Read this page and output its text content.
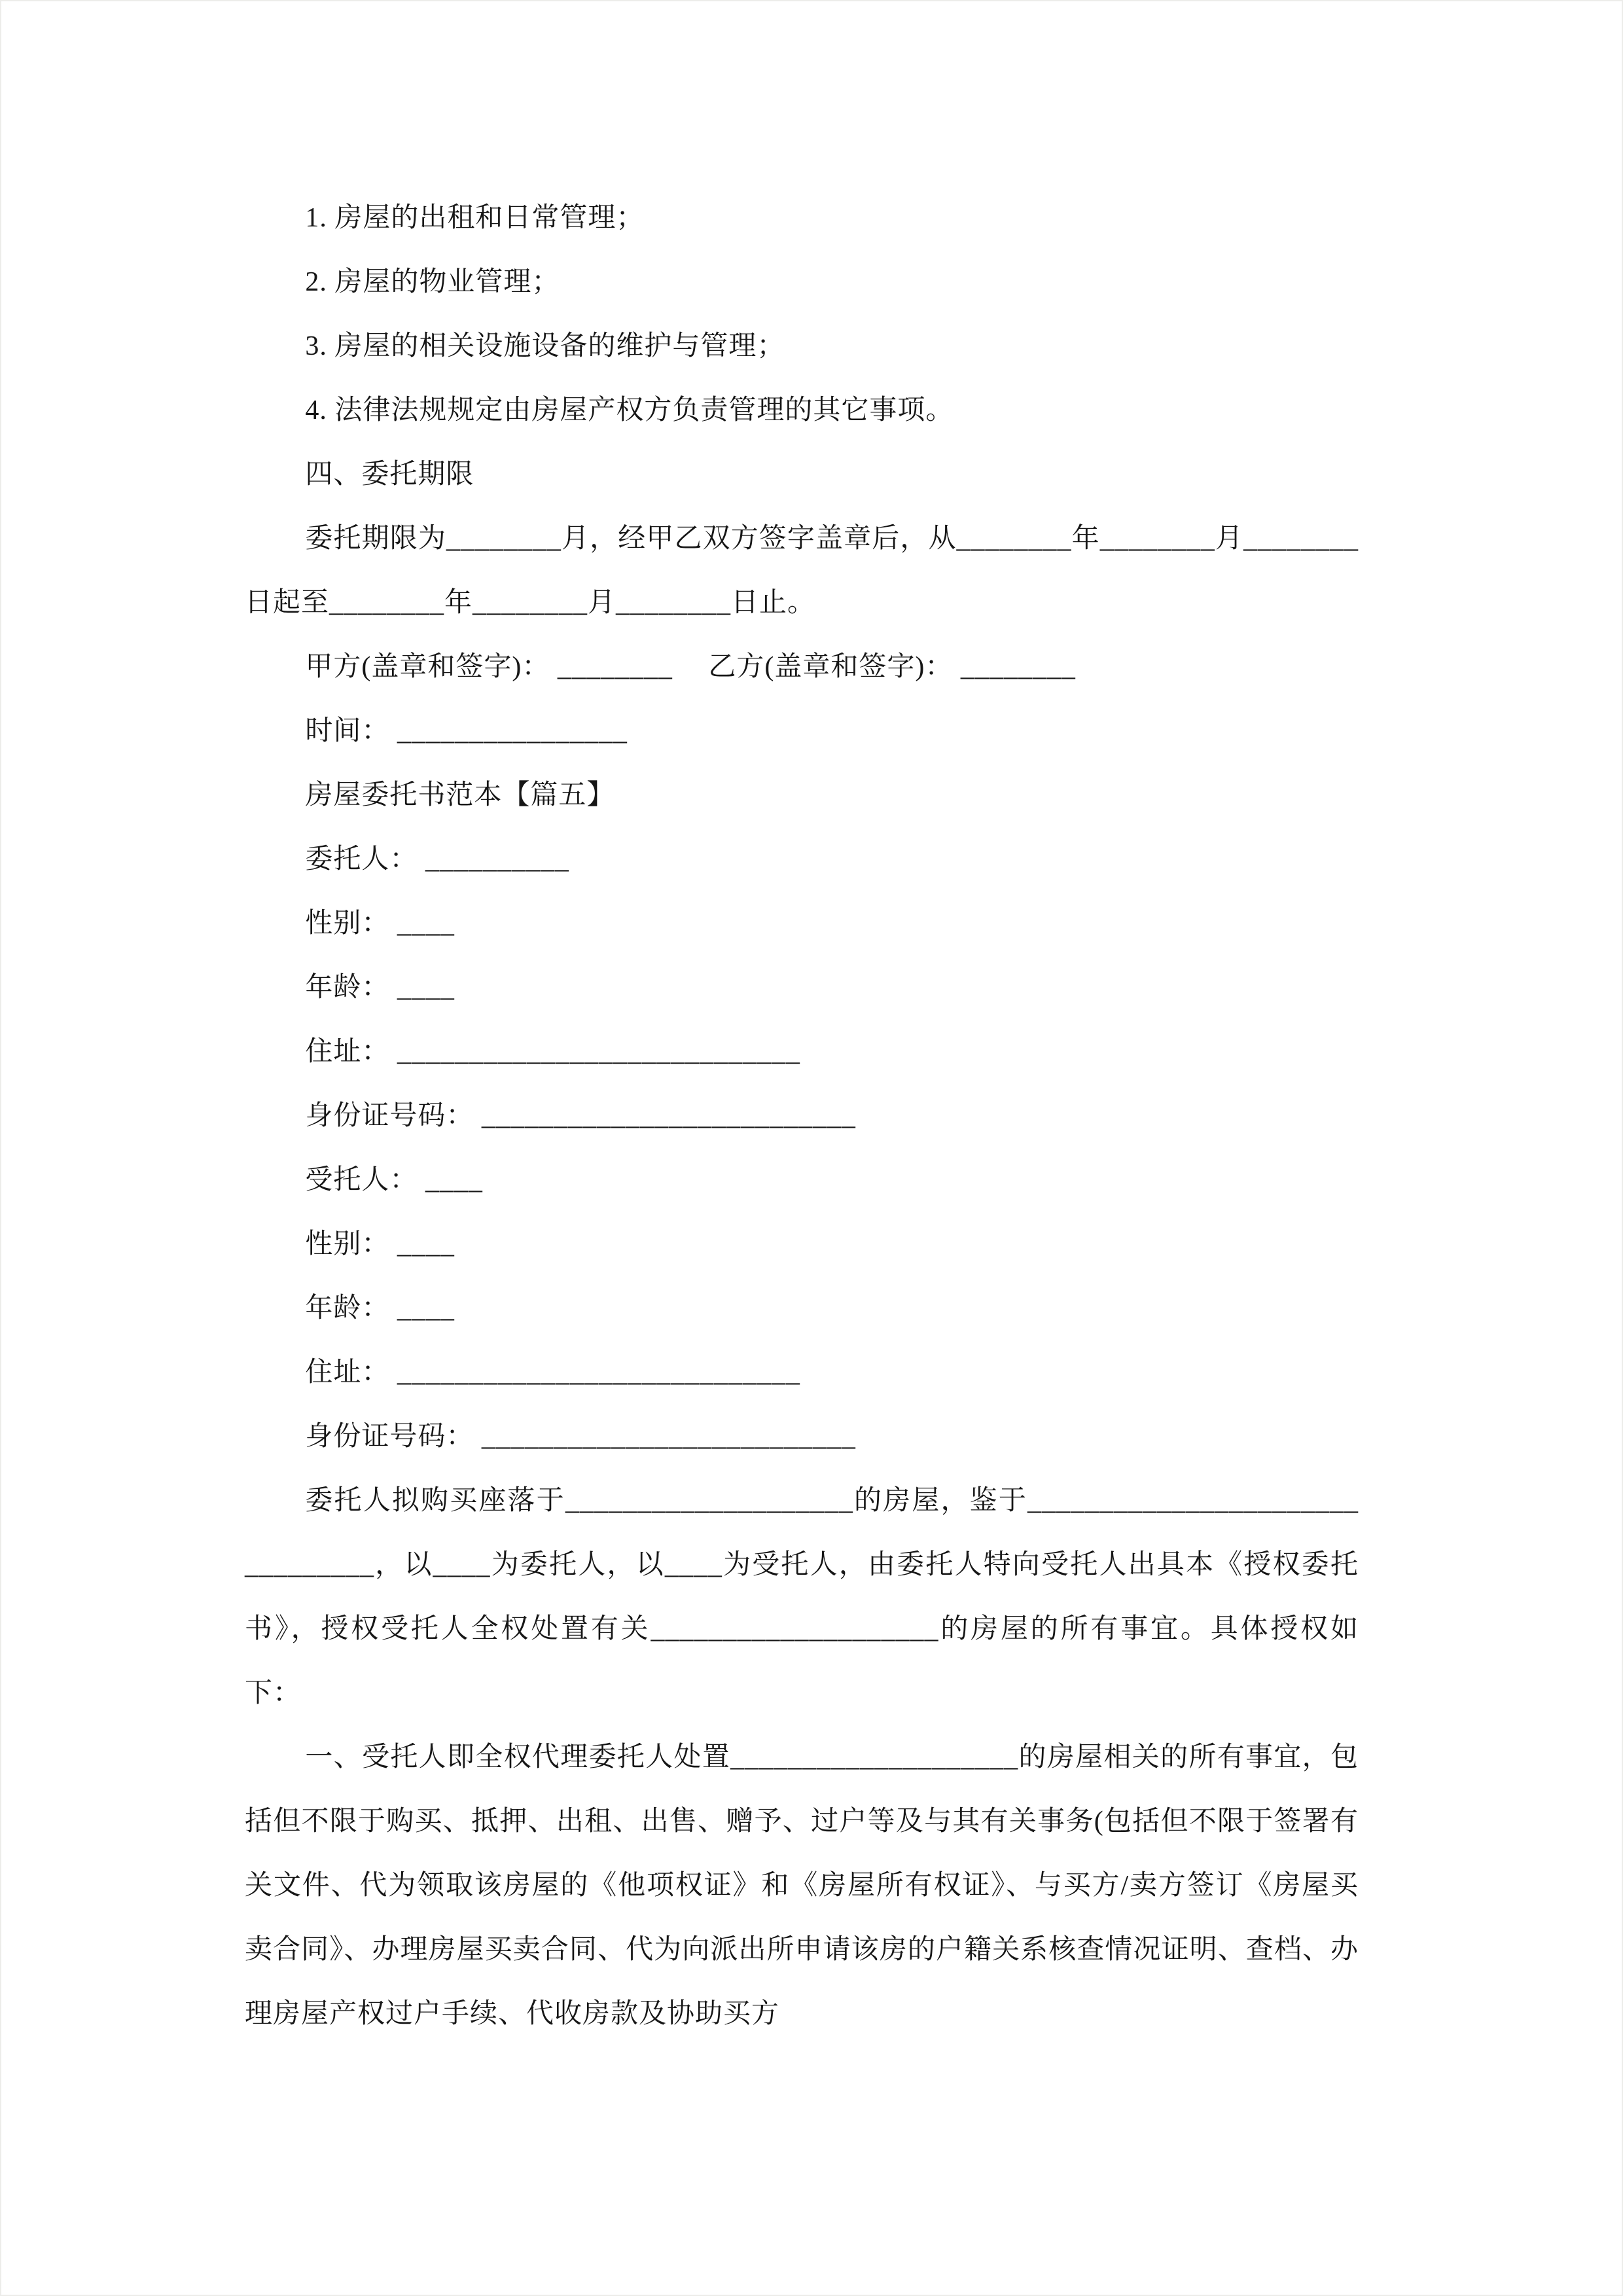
1. 房屋的出租和日常管理；

2. 房屋的物业管理；

3. 房屋的相关设施设备的维护与管理；

4. 法律法规规定由房屋产权方负责管理的其它事项。

四、委托期限

委托期限为________月，经甲乙双方签字盖章后，从________年________月________日起至________年________月________日止。

甲方(盖章和签字)： ________　 乙方(盖章和签字)： ________

时间： ________________

房屋委托书范本【篇五】

委托人： __________

性别： ____

年龄： ____

住址： ____________________________

身份证号码： __________________________

受托人： ____

性别： ____

年龄： ____

住址： ____________________________

身份证号码： __________________________

委托人拟购买座落于____________________的房屋，鉴于________________________________，以____为委托人，以____为受托人，由委托人特向受托人出具本《授权委托书》，授权受托人全权处置有关____________________的房屋的所有事宜。具体授权如下：

一、受托人即全权代理委托人处置____________________的房屋相关的所有事宜，包括但不限于购买、抵押、出租、出售、赠予、过户等及与其有关事务(包括但不限于签署有关文件、代为领取该房屋的《他项权证》和《房屋所有权证》、与买方/卖方签订《房屋买卖合同》、办理房屋买卖合同、代为向派出所申请该房的户籍关系核查情况证明、查档、办理房屋产权过户手续、代收房款及协助买方
